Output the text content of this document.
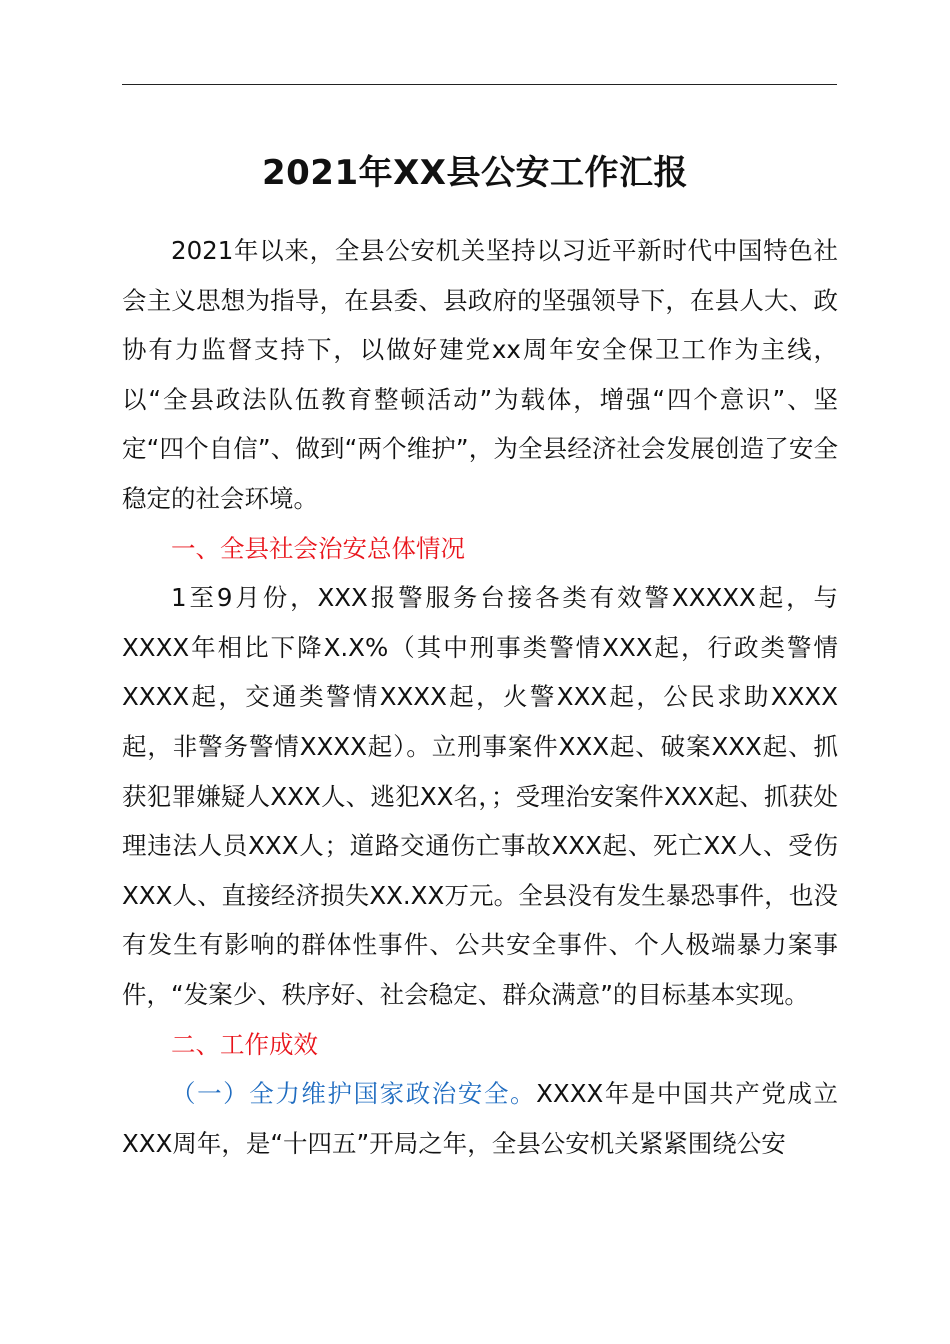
2021年XX县公安工作汇报

2021年以来，全县公安机关坚持以习近平新时代中国特色社会主义思想为指导，在县委、县政府的坚强领导下，在县人大、政协有力监督支持下，以做好建党xx周年安全保卫工作为主线，以“全县政法队伍教育整顿活动”为载体，增强“四个意识”、坚定“四个自信”、做到“两个维护”，为全县经济社会发展创造了安全稳定的社会环境。

一、全县社会治安总体情况

1至9月份，XXX报警服务台接各类有效警XXXXX起，与XXXX年相比下降X.X%（其中刑事类警情XXX起，行政类警情XXXX起，交通类警情XXXX起，火警XXX起，公民求助XXXX起，非警务警情XXXX起）。立刑事案件XXX起、破案XXX起、抓获犯罪嫌疑人XXX人、逃犯XX名，；受理治安案件XXX起、抓获处理违法人员XXX人；道路交通伤亡事故XXX起、死亡XX人、受伤XXX人、直接经济损失XX.XX万元。全县没有发生暴恐事件，也没有发生有影响的群体性事件、公共安全事件、个人极端暴力案事件，“发案少、秩序好、社会稳定、群众满意”的目标基本实现。

二、工作成效

（一）全力维护国家政治安全。XXXX年是中国共产党成立XXX周年，是“十四五”开局之年，全县公安机关紧紧围绕公安
